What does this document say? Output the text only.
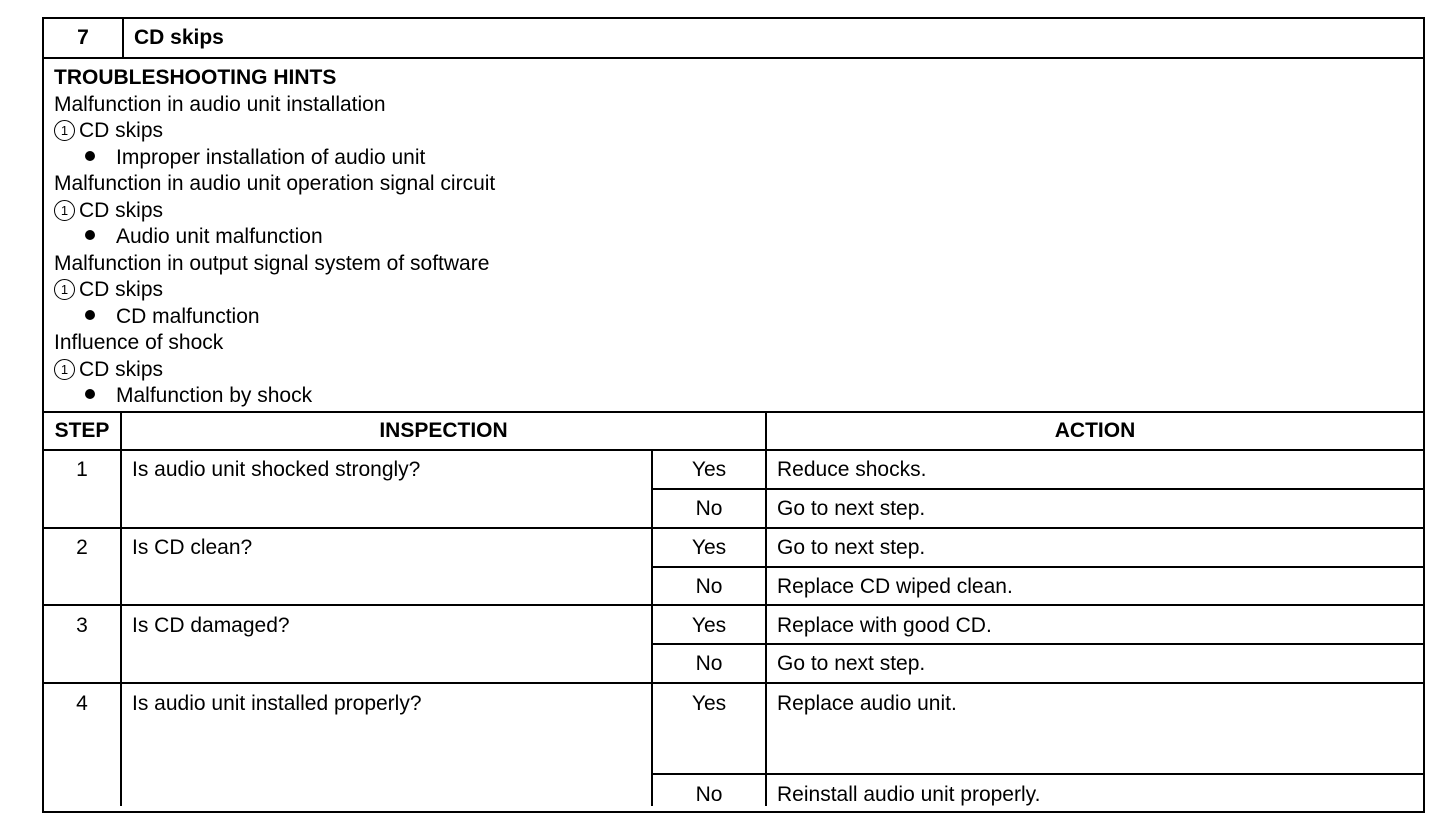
7	CD skips
TROUBLESHOOTING HINTS
Malfunction in audio unit installation
1 CD skips
Improper installation of audio unit
Malfunction in audio unit operation signal circuit
1 CD skips
Audio unit malfunction
Malfunction in output signal system of software
1 CD skips
CD malfunction
Influence of shock
1 CD skips
Malfunction by shock
STEP	INSPECTION	ACTION
1	Is audio unit shocked strongly?	Yes	Reduce shocks.
No	Go to next step.
2	Is CD clean?	Yes	Go to next step.
No	Replace CD wiped clean.
3	Is CD damaged?	Yes	Replace with good CD.
No	Go to next step.
4	Is audio unit installed properly?	Yes	Replace audio unit.
No	Reinstall audio unit properly.
